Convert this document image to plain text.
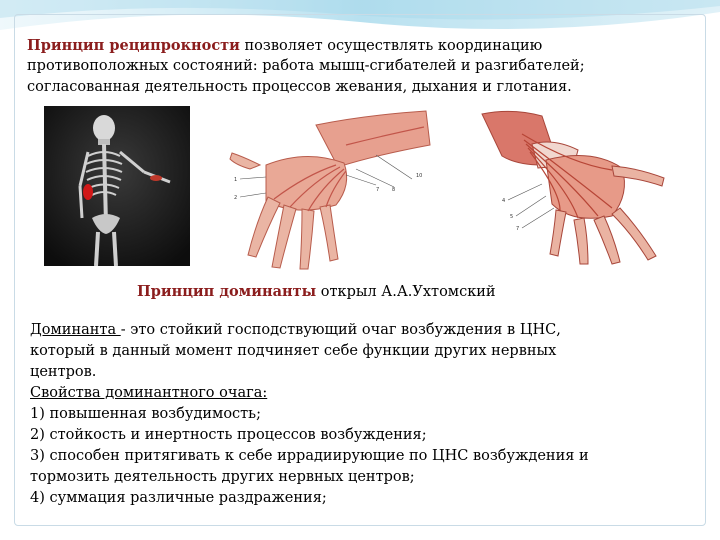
Принцип реципрокности позволяет осуществлять координацию
противоположных состояний: работа мышц-сгибателей и разгибателей;
согласованная деятельность процессов жевания, дыхания и глотания.
1
2
7	8
10
4
5
7
Принцип доминанты открыл А.А.Ухтомский
Доминанта - это стойкий господствующий очаг возбуждения в ЦНС,
который в данный момент подчиняет себе функции других нервных
центров.
Свойства доминантного очага:
1) повышенная возбудимость;
2) стойкость и инертность процессов возбуждения;
3) способен притягивать к себе иррадиирующие по ЦНС возбуждения и
тормозить деятельность других нервных центров;
4) суммация различные раздражения;
